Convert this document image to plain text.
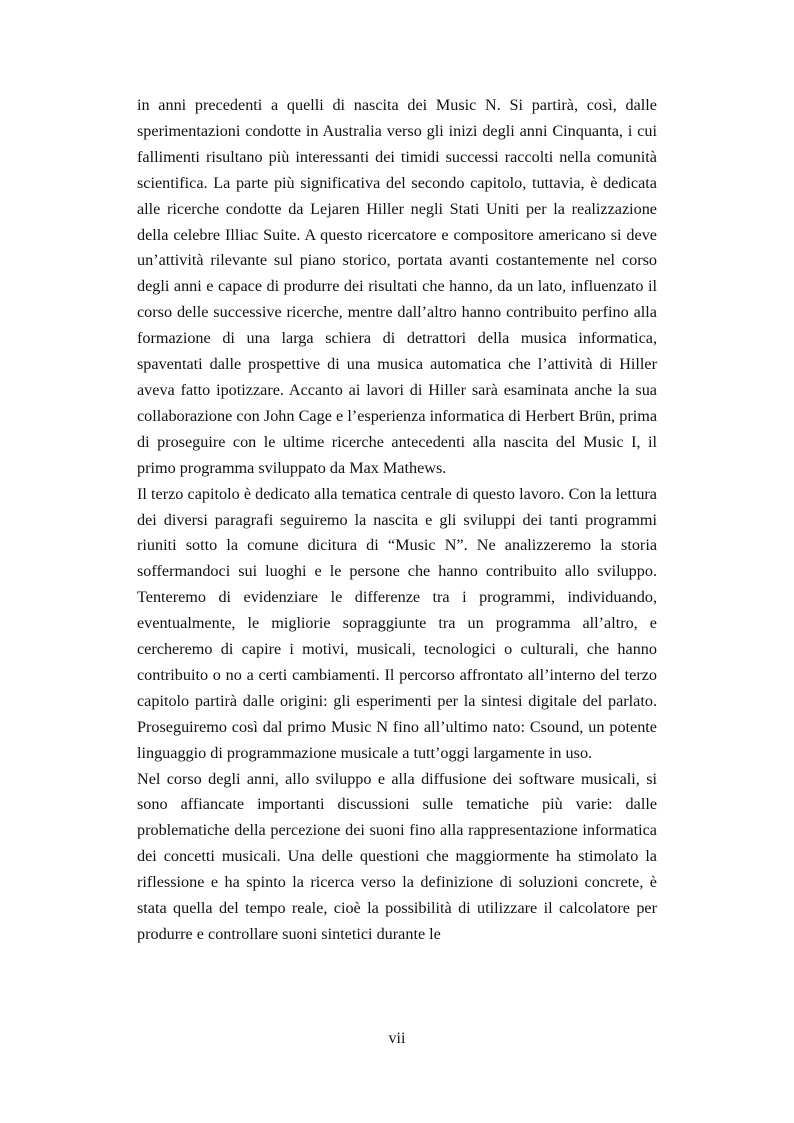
in anni precedenti a quelli di nascita dei Music N. Si partirà, così, dalle sperimentazioni condotte in Australia verso gli inizi degli anni Cinquanta, i cui fallimenti risultano più interessanti dei timidi successi raccolti nella comunità scientifica. La parte più significativa del secondo capitolo, tuttavia, è dedicata alle ricerche condotte da Lejaren Hiller negli Stati Uniti per la realizzazione della celebre Illiac Suite. A questo ricercatore e compositore americano si deve un’attività rilevante sul piano storico, portata avanti costantemente nel corso degli anni e capace di produrre dei risultati che hanno, da un lato, influenzato il corso delle successive ricerche, mentre dall’altro hanno contribuito perfino alla formazione di una larga schiera di detrattori della musica informatica, spaventati dalle prospettive di una musica automatica che l’attività di Hiller aveva fatto ipotizzare. Accanto ai lavori di Hiller sarà esaminata anche la sua collaborazione con John Cage e l’esperienza informatica di Herbert Brün, prima di proseguire con le ultime ricerche antecedenti alla nascita del Music I, il primo programma sviluppato da Max Mathews.

Il terzo capitolo è dedicato alla tematica centrale di questo lavoro. Con la lettura dei diversi paragrafi seguiremo la nascita e gli sviluppi dei tanti programmi riuniti sotto la comune dicitura di “Music N”. Ne analizzeremo la storia soffermandoci sui luoghi e le persone che hanno contribuito allo sviluppo. Tenteremo di evidenziare le differenze tra i programmi, individuando, eventualmente, le migliorie sopraggiunte tra un programma all’altro, e cercheremo di capire i motivi, musicali, tecnologici o culturali, che hanno contribuito o no a certi cambiamenti. Il percorso affrontato all’interno del terzo capitolo partirà dalle origini: gli esperimenti per la sintesi digitale del parlato. Proseguiremo così dal primo Music N fino all’ultimo nato: Csound, un potente linguaggio di programmazione musicale a tutt’oggi largamente in uso.

Nel corso degli anni, allo sviluppo e alla diffusione dei software musicali, si sono affiancate importanti discussioni sulle tematiche più varie: dalle problematiche della percezione dei suoni fino alla rappresentazione informatica dei concetti musicali. Una delle questioni che maggiormente ha stimolato la riflessione e ha spinto la ricerca verso la definizione di soluzioni concrete, è stata quella del tempo reale, cioè la possibilità di utilizzare il calcolatore per produrre e controllare suoni sintetici durante le

vii
